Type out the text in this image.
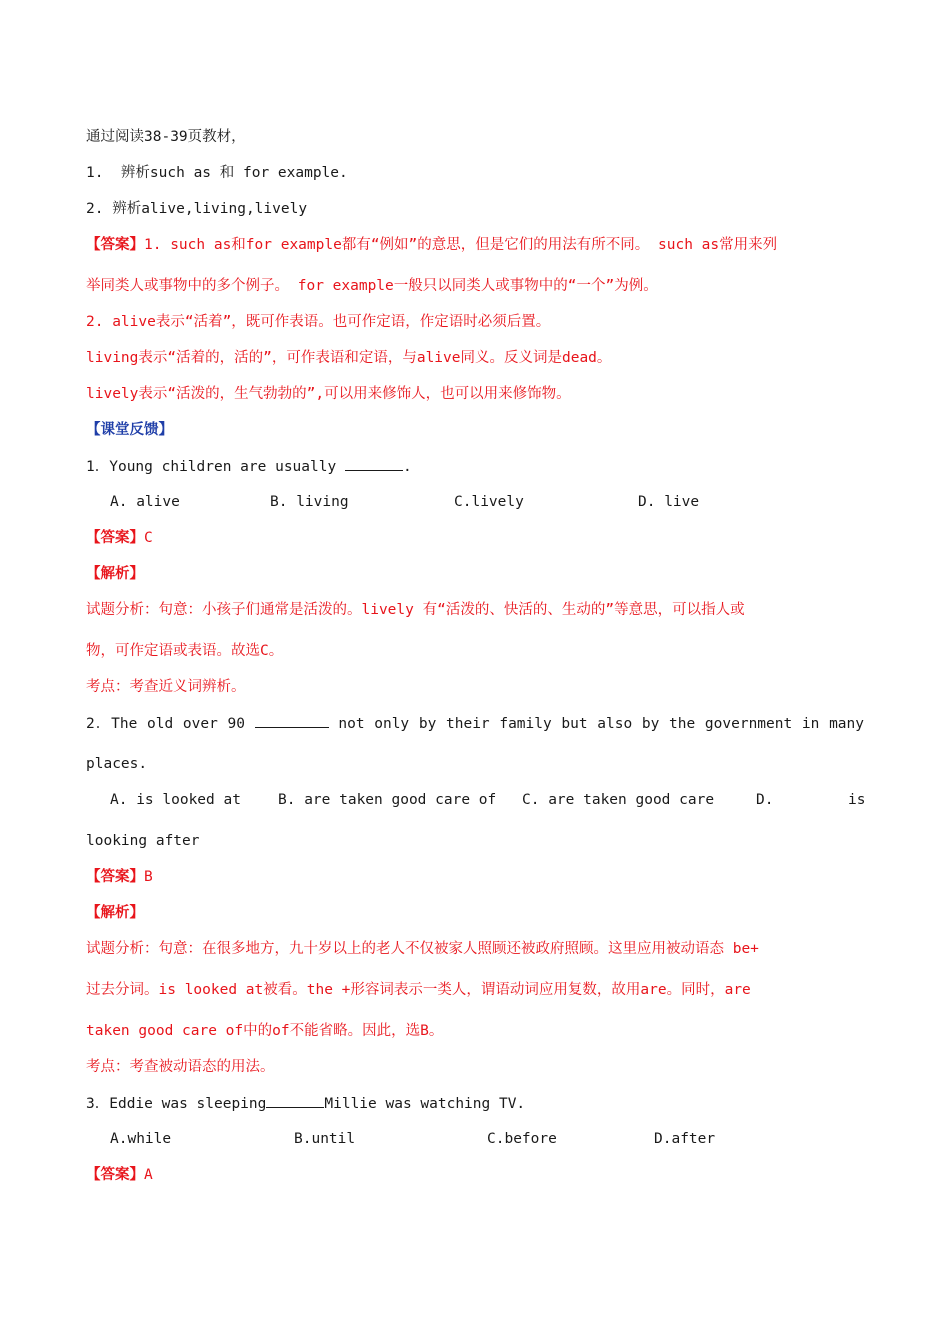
通过阅读38-39页教材，
1.  辨析such as 和 for example.
2. 辨析alive,living,lively
【答案】1. such as和for example都有“例如”的意思，但是它们的用法有所不同。 such as常用来列
举同类人或事物中的多个例子。 for example一般只以同类人或事物中的“一个”为例。
2. alive表示“活着”，既可作表语。也可作定语，作定语时必须后置。
living表示“活着的，活的”，可作表语和定语，与alive同义。反义词是dead。
lively表示“活泼的，生气勃勃的”,可以用来修饰人，也可以用来修饰物。
【课堂反馈】
1．Young children are usually	.
A. alive	B. living	C.lively	D. live
【答案】C
【解析】
试题分析：句意：小孩子们通常是活泼的。lively 有“活泼的、快活的、生动的”等意思，可以指人或
物，可作定语或表语。故选C。
考点：考查近义词辨析。
2．The old over 90	not only by their family but also by the government in many
places.
A. is looked at	B. are taken good care of C. are taken good care	D.	is
looking after
【答案】B
【解析】
试题分析：句意：在很多地方，九十岁以上的老人不仅被家人照顾还被政府照顾。这里应用被动语态 be+
过去分词。is looked at被看。the +形容词表示一类人，谓语动词应用复数，故用are。同时，are
taken good care of中的of不能省略。因此，选B。
考点：考查被动语态的用法。
3．Eddie was sleeping	Millie was watching TV.
A.while	B.until	C.before	D.after
【答案】A
